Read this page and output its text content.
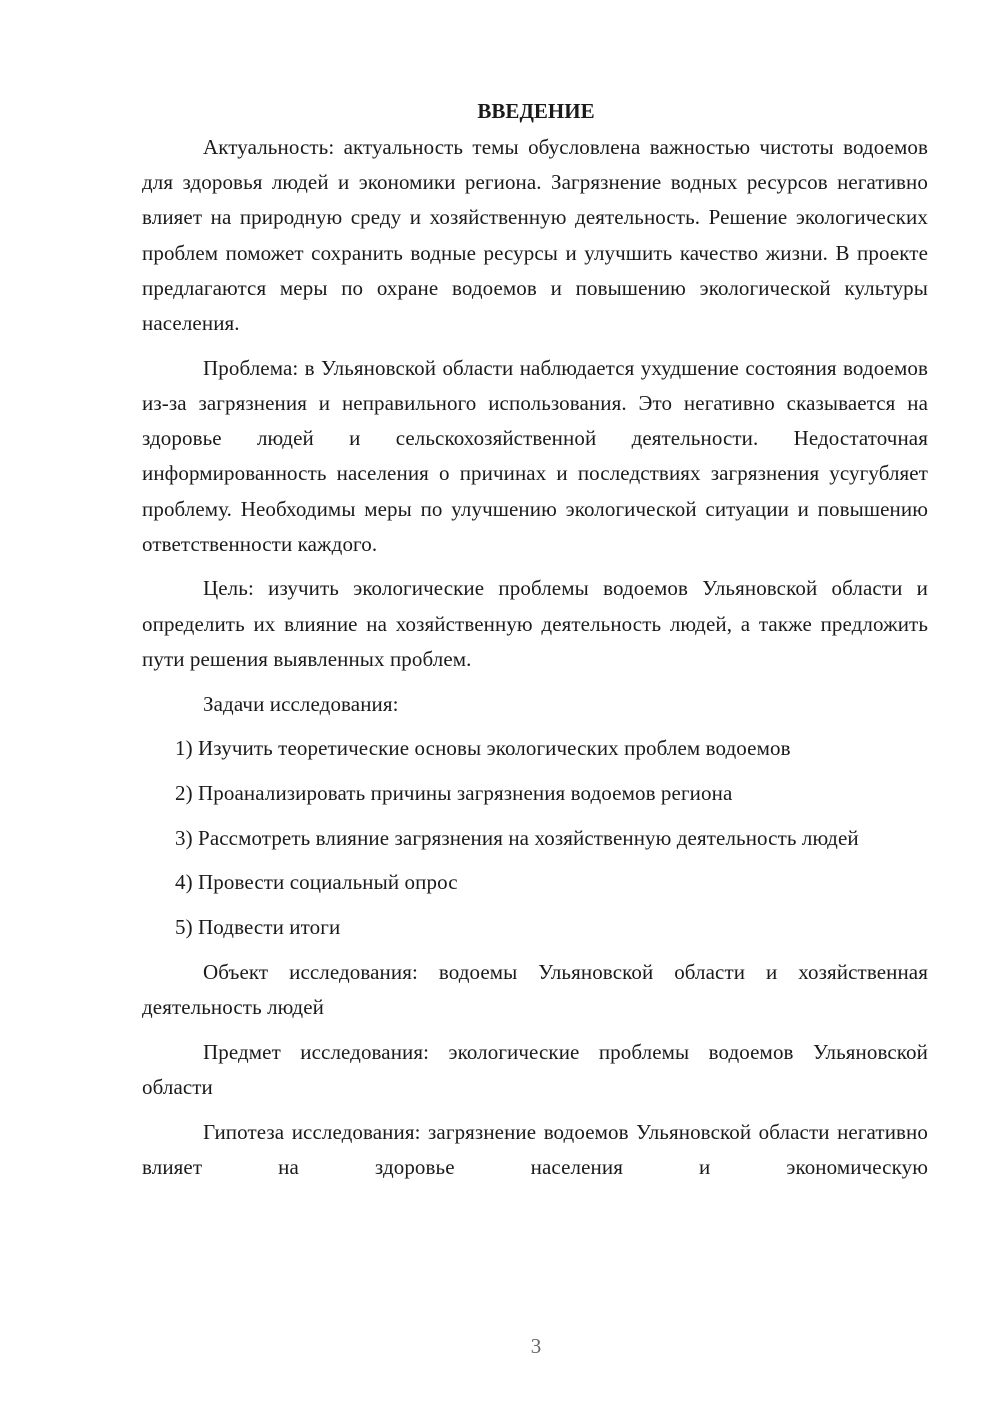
ВВЕДЕНИЕ

Актуальность: актуальность темы обусловлена важностью чистоты водоемов для здоровья людей и экономики региона. Загрязнение водных ресурсов негативно влияет на природную среду и хозяйственную деятельность. Решение экологических проблем поможет сохранить водные ресурсы и улучшить качество жизни. В проекте предлагаются меры по охране водоемов и повышению экологической культуры населения.

Проблема: в Ульяновской области наблюдается ухудшение состояния водоемов из-за загрязнения и неправильного использования. Это негативно сказывается на здоровье людей и сельскохозяйственной деятельности. Недостаточная информированность населения о причинах и последствиях загрязнения усугубляет проблему. Необходимы меры по улучшению экологической ситуации и повышению ответственности каждого.

Цель: изучить экологические проблемы водоемов Ульяновской области и определить их влияние на хозяйственную деятельность людей, а также предложить пути решения выявленных проблем.

Задачи исследования:

1) Изучить теоретические основы экологических проблем водоемов

2) Проанализировать причины загрязнения водоемов региона

3) Рассмотреть влияние загрязнения на хозяйственную деятельность людей

4) Провести социальный опрос

5) Подвести итоги

Объект исследования: водоемы Ульяновской области и хозяйственная деятельность людей

Предмет исследования: экологические проблемы водоемов Ульяновской области

Гипотеза исследования: загрязнение водоемов Ульяновской области негативно влияет на здоровье населения и экономическую

3
